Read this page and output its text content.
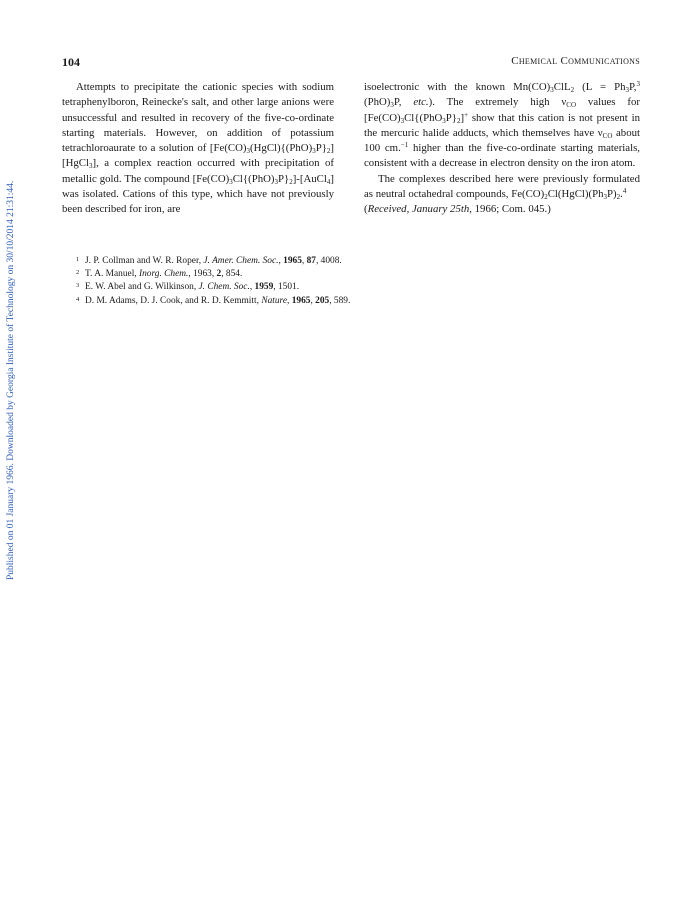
Published on 01 January 1966. Downloaded by Georgia Institute of Technology on 30/10/2014 21:31:44.
104	Chemical Communications

Attempts to precipitate the cationic species with sodium tetraphenylboron, Reinecke's salt, and other large anions were unsuccessful and resulted in recovery of the five-co-ordinate starting materials. However, on addition of potassium tetrachloroaurate to a solution of $[Fe(CO)_3(HgCl)\{(PhO)_3P\}_2][HgCl_3]$, a complex reaction occurred with precipitation of metallic gold. The compound $[Fe(CO)_3Cl\{(PhO)_3P\}_2]-[AuCl_4]$ was isolated. Cations of this type, which have not previously been described for iron, are

isoelectronic with the known $Mn(CO)_3ClL_2$ ($L = Ph_3P,^3$ $(PhO)_3P$, etc.). The extremely high $\nu_{CO}$ values for [$Fe(CO)_3Cl\{(PhO_3P\}_2]^+$ show that this cation is not present in the mercuric halide adducts, which themselves have $\nu_{CO}$ about 100 cm.$^{-1}$ higher than the five-co-ordinate starting materials, consistent with a decrease in electron density on the iron atom.

The complexes described here were previously formulated as neutral octahedral compounds, $Fe(CO)_2Cl(HgCl)(Ph_3P)_2.^4$

(Received, January 25th, 1966; Com. 045.)

1 J. P. Collman and W. R. Roper, J. Amer. Chem. Soc., 1965, 87, 4008.

2 T. A. Manuel, Inorg. Chem., 1963, 2, 854.

3 E. W. Abel and G. Wilkinson, J. Chem. Soc., 1959, 1501.

4 D. M. Adams, D. J. Cook, and R. D. Kemmitt, Nature, 1965, 205, 589.
